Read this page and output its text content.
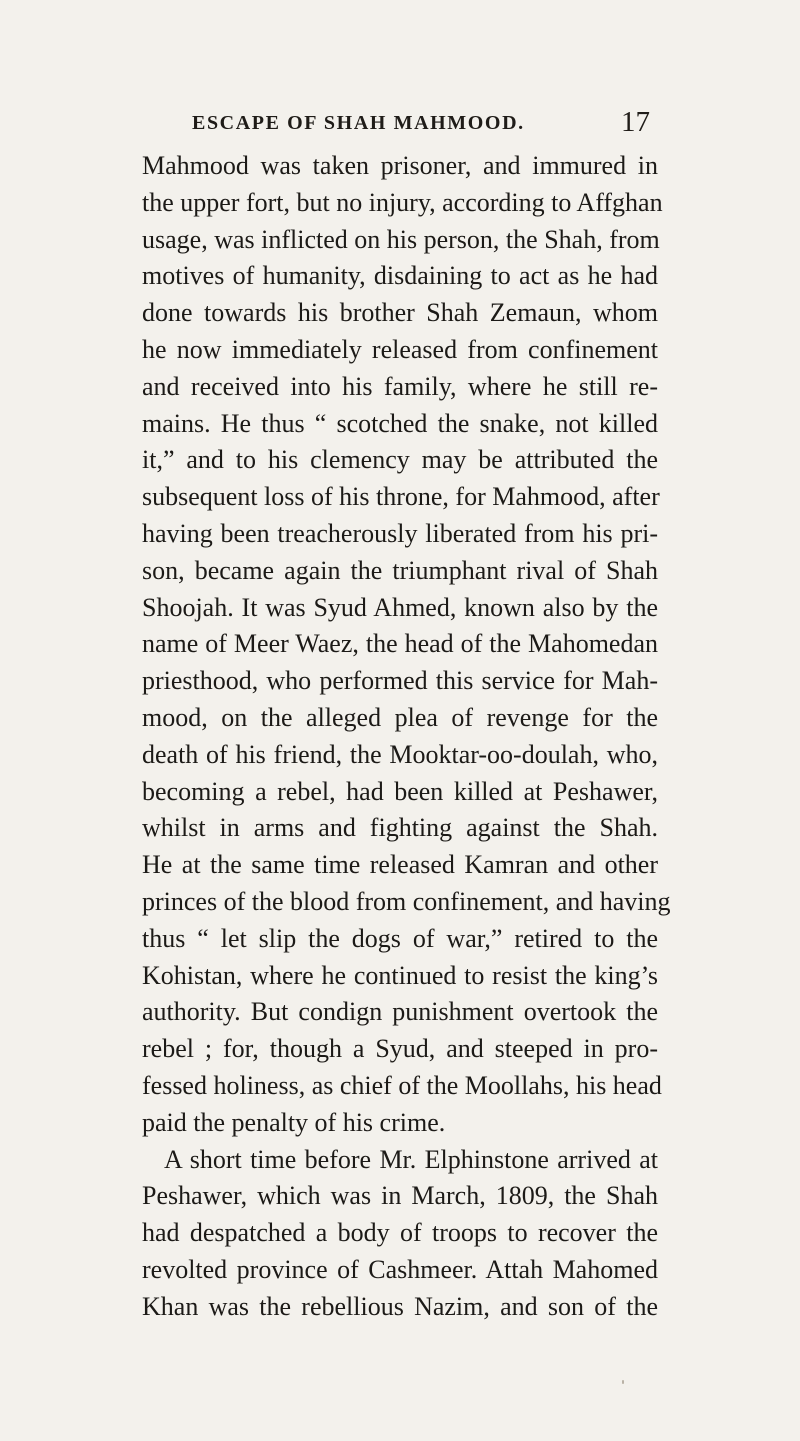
ESCAPE OF SHAH MAHMOOD.	17
Mahmood was taken prisoner, and immured in
the upper fort, but no injury, according to Affghan
usage, was inflicted on his person, the Shah, from
motives of humanity, disdaining to act as he had
done towards his brother Shah Zemaun, whom
he now immediately released from confinement
and received into his family, where he still re-
mains. He thus “ scotched the snake, not killed
it,” and to his clemency may be attributed the
subsequent loss of his throne, for Mahmood, after
having been treacherously liberated from his pri-
son, became again the triumphant rival of Shah
Shoojah. It was Syud Ahmed, known also by the
name of Meer Waez, the head of the Mahomedan
priesthood, who performed this service for Mah-
mood, on the alleged plea of revenge for the
death of his friend, the Mooktar-oo-doulah, who,
becoming a rebel, had been killed at Peshawer,
whilst in arms and fighting against the Shah.
He at the same time released Kamran and other
princes of the blood from confinement, and having
thus “ let slip the dogs of war,” retired to the
Kohistan, where he continued to resist the king’s
authority. But condign punishment overtook the
rebel ; for, though a Syud, and steeped in pro-
fessed holiness, as chief of the Moollahs, his head
paid the penalty of his crime.
A short time before Mr. Elphinstone arrived at
Peshawer, which was in March, 1809, the Shah
had despatched a body of troops to recover the
revolted province of Cashmeer. Attah Mahomed
Khan was the rebellious Nazim, and son of the
